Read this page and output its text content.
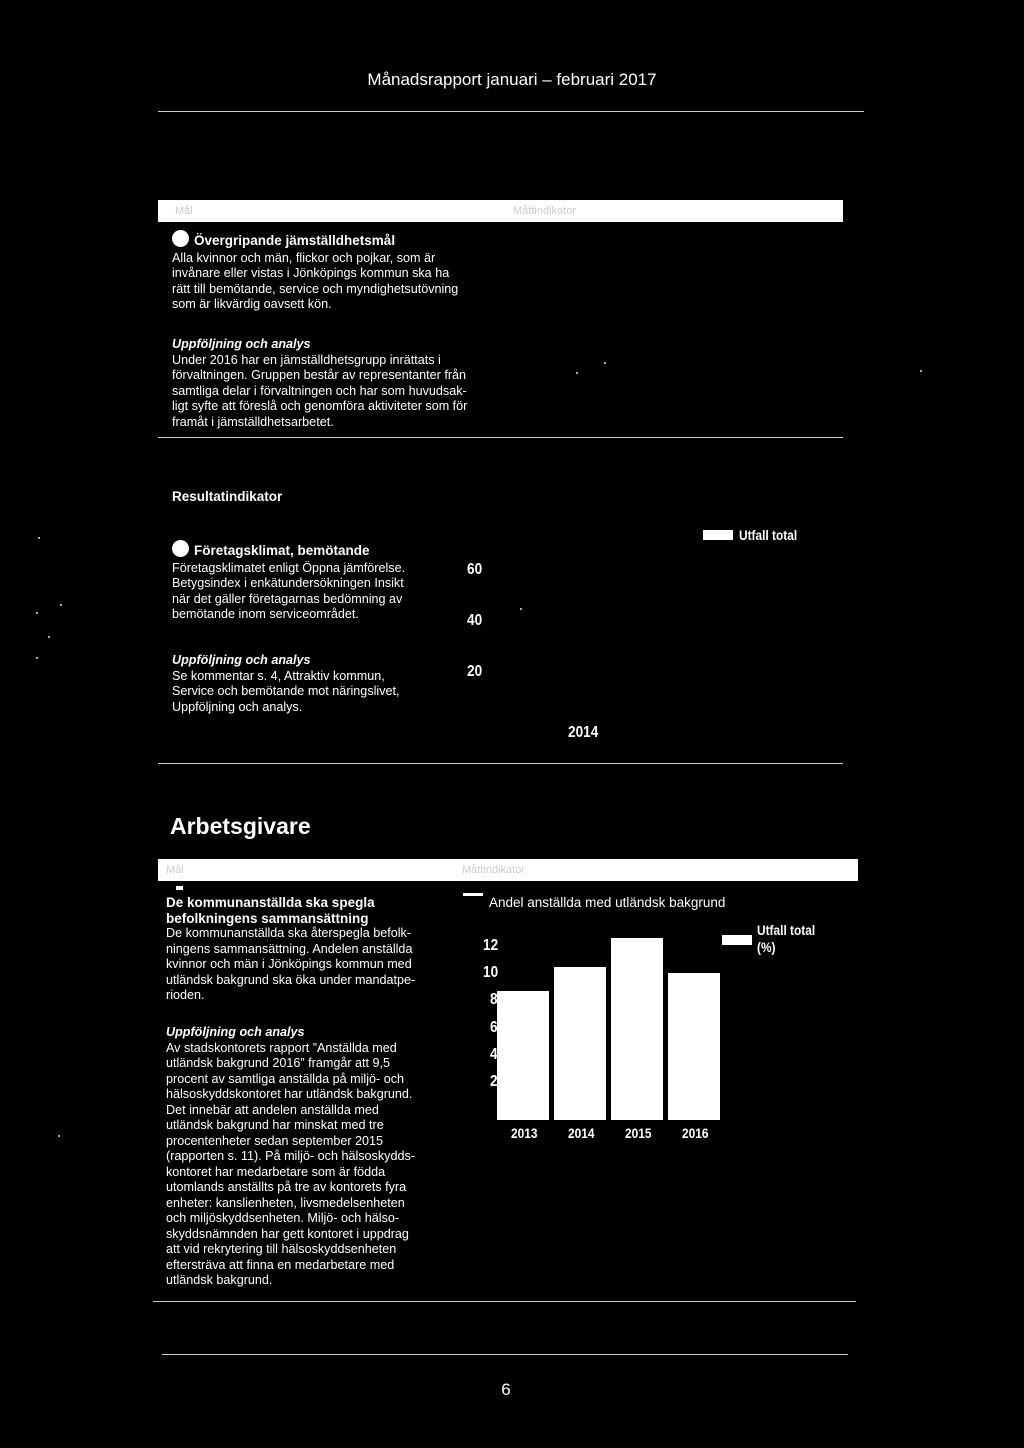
Månadsrapport januari – februari 2017
Mål	Måttindikator
Övergripande jämställdhetsmål

Alla kvinnor och män, flickor och pojkar, som är

invånare eller vistas i Jönköpings kommun ska ha

rätt till bemötande, service och myndighetsutövning

som är likvärdig oavsett kön.

Uppföljning och analys

Under 2016 har en jämställdhetsgrupp inrättats i

förvaltningen. Gruppen består av representanter från

samtliga delar i förvaltningen och har som huvudsak-

ligt syfte att föreslå och genomföra aktiviteter som för

framåt i jämställdhetsarbetet.

Resultatindikator
Företagsklimat, bemötande

Företagsklimatet enligt Öppna jämförelse.

Betygsindex i enkätundersökningen Insikt

när det gäller företagarnas bedömning av

bemötande inom serviceområdet.

Uppföljning och analys

Se kommentar s. 4, Attraktiv kommun,

Service och bemötande mot näringslivet,

Uppföljning och analys.

60
40
20
2014
Utfall total
Arbetsgivare
Mål	Måttindikator

De kommunanställda ska spegla

befolkningens sammansättning

De kommunanställda ska återspegla befolk-

ningens sammansättning. Andelen anställda

kvinnor och män i Jönköpings kommun med

utländsk bakgrund ska öka under mandatpe-

rioden.

Uppföljning och analys

Av stadskontorets rapport ”Anställda med

utländsk bakgrund 2016” framgår att 9,5

procent av samtliga anställda på miljö- och

hälsoskyddskontoret har utländsk bakgrund.

Det innebär att andelen anställda med

utländsk bakgrund har minskat med tre

procentenheter sedan september 2015

(rapporten s. 11). På miljö- och hälsoskydds-

kontoret har medarbetare som är födda

utomlands anställts på tre av kontorets fyra

enheter: kanslienheten, livsmedelsenheten

och miljöskyddsenheten. Miljö- och hälso-

skyddsnämnden har gett kontoret i uppdrag

att vid rekrytering till hälsoskyddsenheten

eftersträva att finna en medarbetare med

utländsk bakgrund.

Andel anställda med utländsk bakgrund
Utfall total
(%)
2013 2014 2015 2016
2
4
6
8
10
12
6
